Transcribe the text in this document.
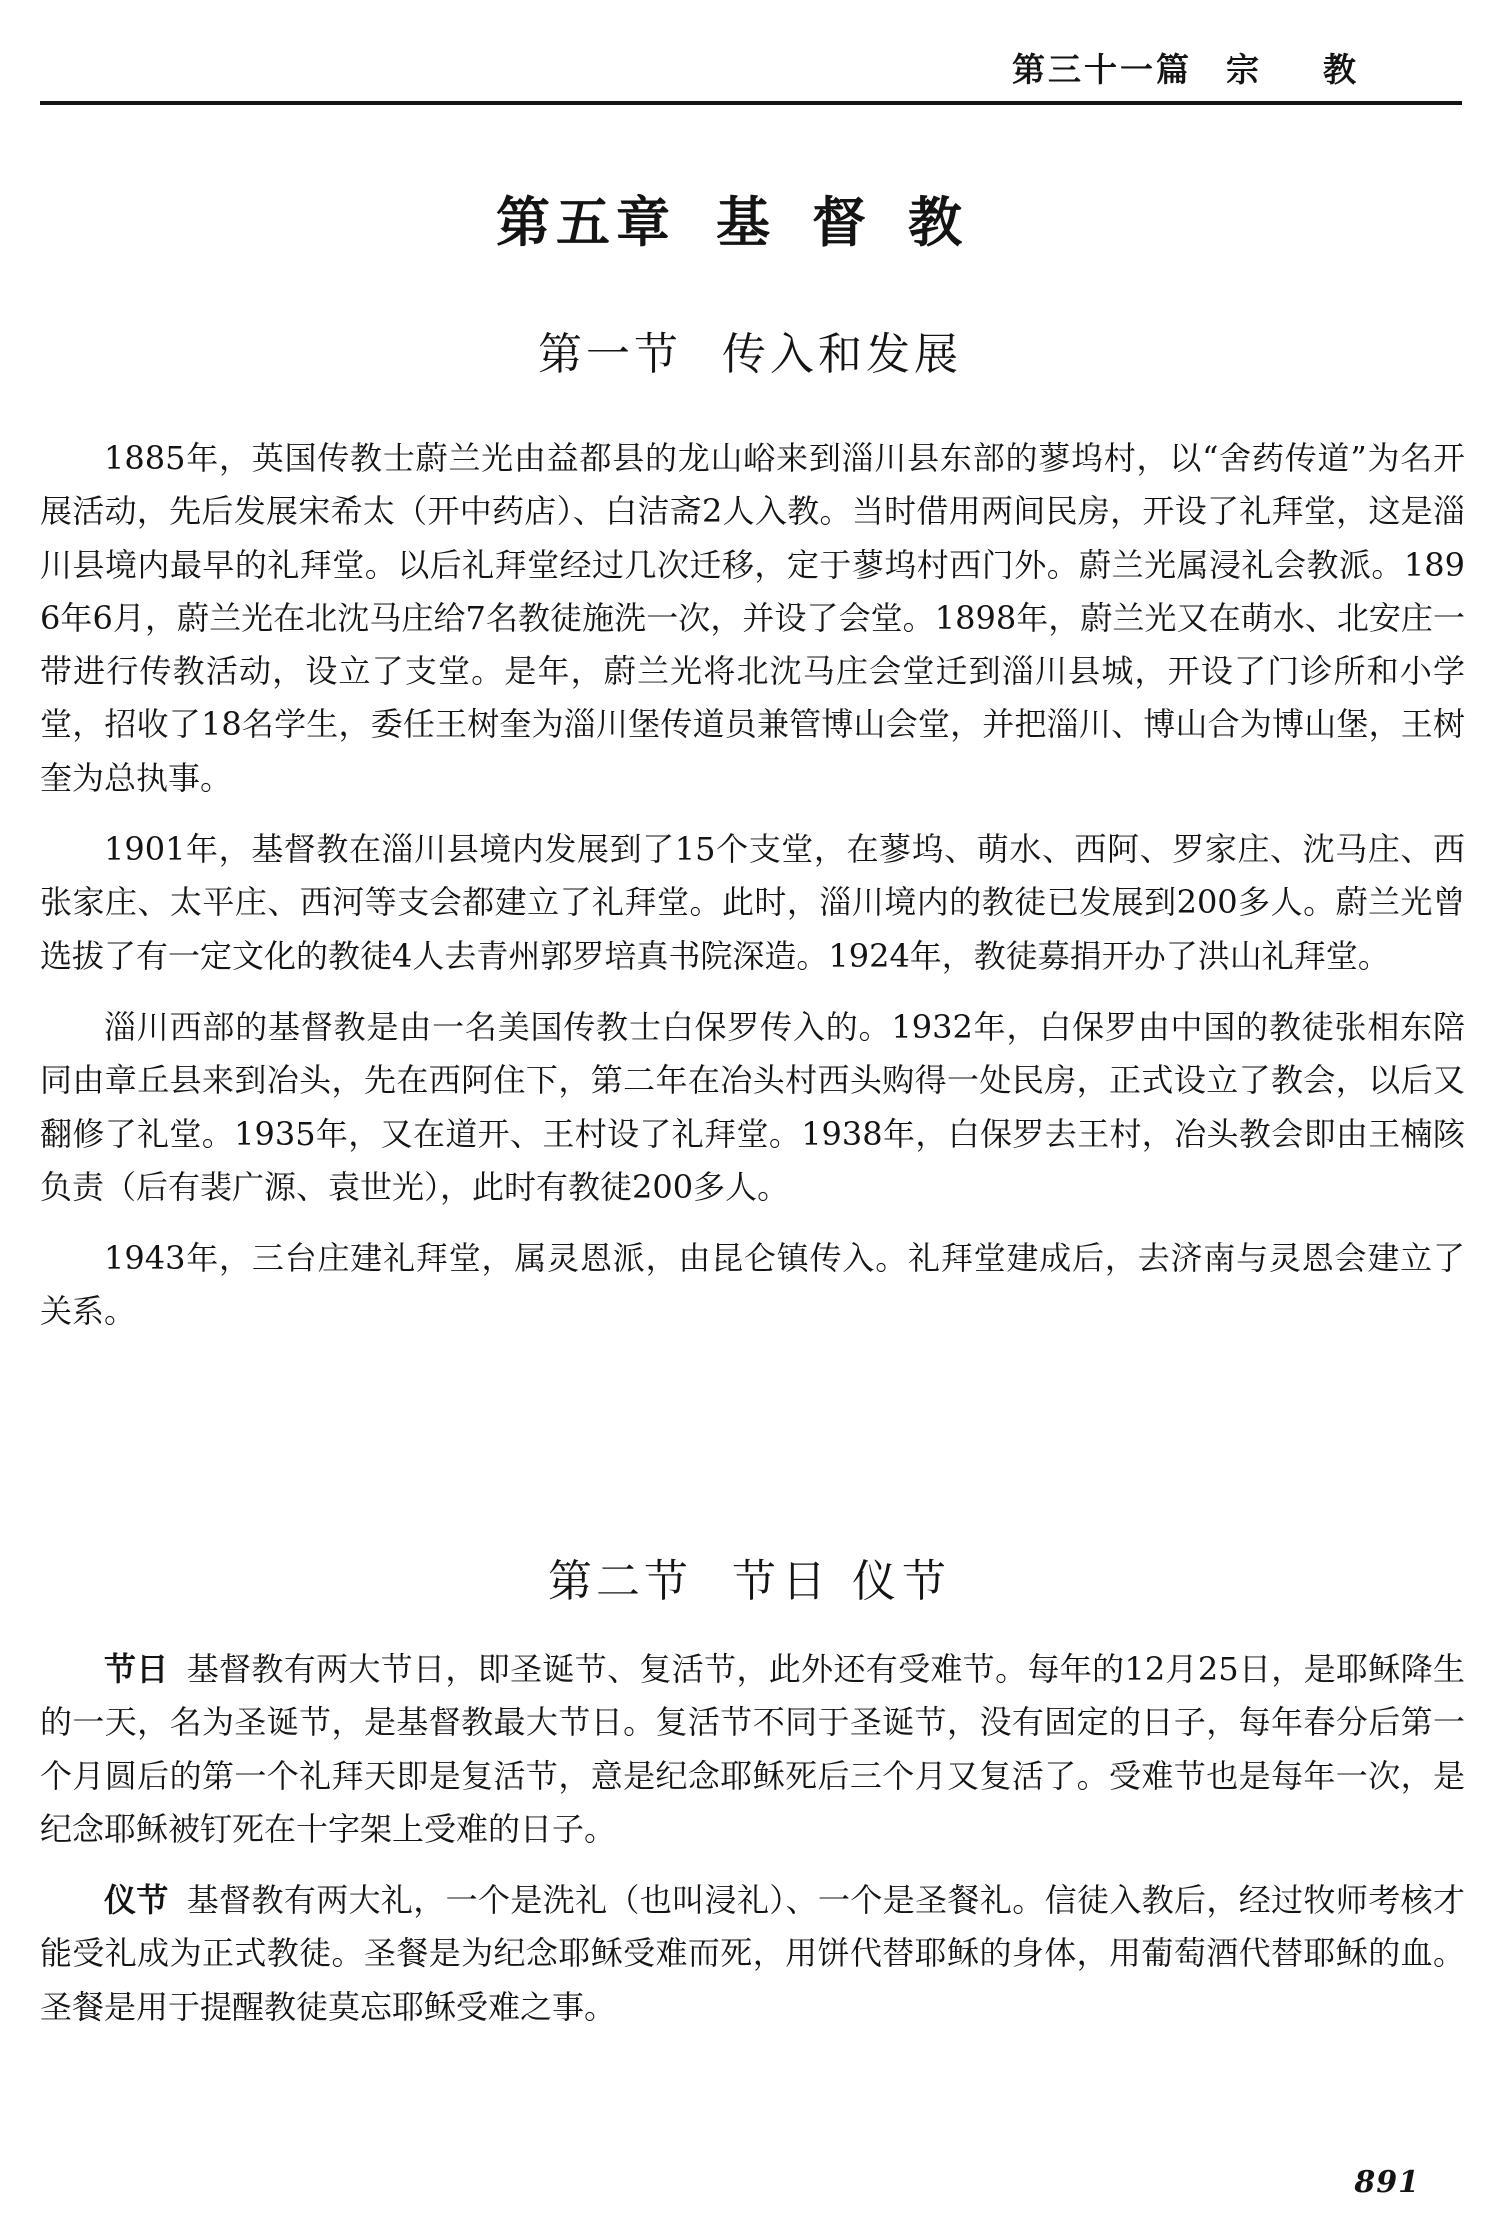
第三十一篇 宗教
第五章 基督教
第一节 传入和发展

1885年，英国传教士蔚兰光由益都县的龙山峪来到淄川县东部的蓼坞村，以“舍药传道”为名开展活动，先后发展宋希太（开中药店）、白洁斋2人入教。当时借用两间民房，开设了礼拜堂，这是淄川县境内最早的礼拜堂。以后礼拜堂经过几次迁移，定于蓼坞村西门外。蔚兰光属浸礼会教派。1896年6月，蔚兰光在北沈马庄给7名教徒施洗一次，并设了会堂。1898年，蔚兰光又在萌水、北安庄一带进行传教活动，设立了支堂。是年，蔚兰光将北沈马庄会堂迁到淄川县城，开设了门诊所和小学堂，招收了18名学生，委任王树奎为淄川堡传道员兼管博山会堂，并把淄川、博山合为博山堡，王树奎为总执事。

1901年，基督教在淄川县境内发展到了15个支堂，在蓼坞、萌水、西阿、罗家庄、沈马庄、西张家庄、太平庄、西河等支会都建立了礼拜堂。此时，淄川境内的教徒已发展到200多人。蔚兰光曾选拔了有一定文化的教徒4人去青州郭罗培真书院深造。1924年，教徒募捐开办了洪山礼拜堂。

淄川西部的基督教是由一名美国传教士白保罗传入的。1932年，白保罗由中国的教徒张相东陪同由章丘县来到冶头，先在西阿住下，第二年在冶头村西头购得一处民房，正式设立了教会，以后又翻修了礼堂。1935年，又在道开、王村设了礼拜堂。1938年，白保罗去王村，冶头教会即由王楠陔负责（后有裴广源、袁世光），此时有教徒200多人。

1943年，三台庄建礼拜堂，属灵恩派，由昆仑镇传入。礼拜堂建成后，去济南与灵恩会建立了关系。

第二节 节日 仪节

节日 基督教有两大节日，即圣诞节、复活节，此外还有受难节。每年的12月25日，是耶稣降生的一天，名为圣诞节，是基督教最大节日。复活节不同于圣诞节，没有固定的日子，每年春分后第一个月圆后的第一个礼拜天即是复活节，意是纪念耶稣死后三个月又复活了。受难节也是每年一次，是纪念耶稣被钉死在十字架上受难的日子。

仪节 基督教有两大礼，一个是洗礼（也叫浸礼）、一个是圣餐礼。信徒入教后，经过牧师考核才能受礼成为正式教徒。圣餐是为纪念耶稣受难而死，用饼代替耶稣的身体，用葡萄酒代替耶稣的血。圣餐是用于提醒教徒莫忘耶稣受难之事。

891
